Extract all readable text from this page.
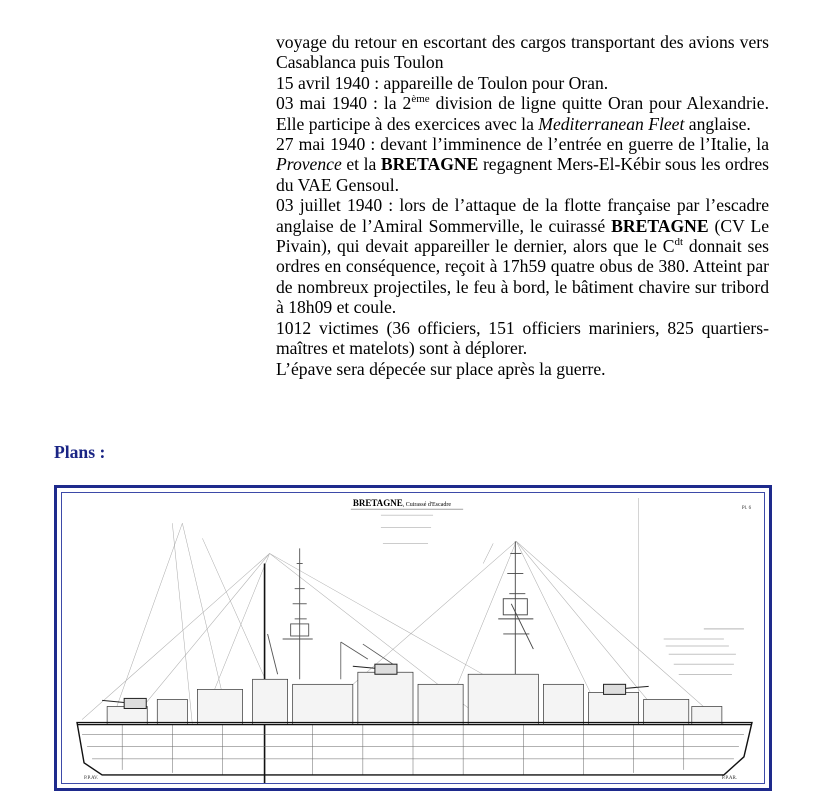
voyage du retour en escortant des cargos transportant des avions vers Casablanca puis Toulon

15 avril 1940 : appareille de Toulon pour Oran.

03 mai 1940 : la 2ème division de ligne quitte Oran pour Alexandrie. Elle participe à des exercices avec la Mediterranean Fleet anglaise.

27 mai 1940 : devant l’imminence de l’entrée en guerre de l’Italie, la Provence et la BRETAGNE regagnent Mers-El-Kébir sous les ordres du VAE Gensoul.

03 juillet 1940 : lors de l’attaque de la flotte française par l’escadre anglaise de l’Amiral Sommerville, le cuirassé BRETAGNE (CV Le Pivain), qui devait appareiller le dernier, alors que le $C^{dt}$ donnait ses ordres en conséquence, reçoit à 17h59 quatre obus de 380. Atteint par de nombreux projectiles, le feu à bord, le bâtiment chavire sur tribord à 18h09 et coule.

1012 victimes (36 officiers, 151 officiers mariniers, 825 quartiers-maîtres et matelots) sont à déplorer.

L’épave sera dépecée sur place après la guerre.

Plans :
BRETAGNE, Cuirassé d'Escadre
Pl. 6
P.P.AV.	P.P.AR.
